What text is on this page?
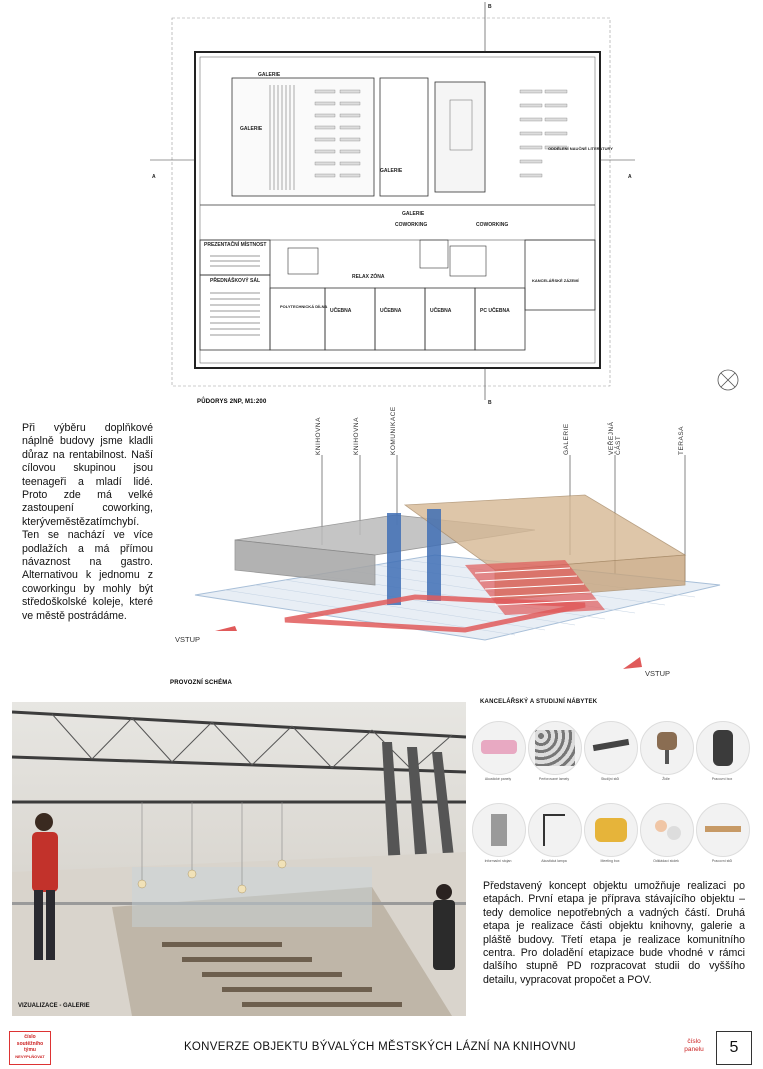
A	A
B
B
GALERIE
GALERIE
GALERIE
GALERIE
ODDĚLENÍ NAUČNÉ LITERATURY
COWORKING	COWORKING
PREZENTAČNÍ MÍSTNOST
PŘEDNÁŠKOVÝ SÁL
RELAX ZÓNA
KANCELÁŘSKÉ ZÁZEMÍ
POLYTECHNICKÁ DÍLNA
UČEBNA	UČEBNA	UČEBNA	PC UČEBNA
PŮDORYS 2NP, M1:200
Při výběru doplňkové náplně budovy jsme kladli důraz na rentabilnost. Naší cílovou skupinou jsou teenageři a mladí lidé. Proto zde má velké zastoupení coworking, kterýveměstězatímchybí. Ten se nachází ve více podlažích a má přímou návaznost na gastro. Alternativou k jednomu z coworkingu by mohly být středoškolské koleje, které ve městě postrádáme.
VSTUP
VSTUP
PROVOZNÍ SCHÉMA
KNIHOVNA	KNIHOVNA	KOMUNIKACE	GALERIE	VEŘEJNÁ ČÁST	TERASA
VIZUALIZACE - GALERIE
KANCELÁŘSKÝ A STUDIJNÍ NÁBYTEK
Akustické panely	Perforované lamely	Studijní stůl	Židle	Pracovní box
Informační stojan	Akustická lampa	Meeting box	Odkládací stolek	Pracovní stůl
Představený koncept objektu umožňuje realizaci po etapách. První etapa je příprava stávajícího objektu – tedy demolice nepotřebných a vadných částí. Druhá etapa je realizace části objektu knihovny, galerie a pláště budovy. Třetí etapa je realizace komunitního centra. Pro doladění etapizace bude vhodné v rámci dalšího stupně PD rozpracovat studii do vyššího detailu, vypracovat propočet a POV.
číslo
soutěžního
týmu
NEVYPLŇOVAT
KONVERZE OBJEKTU BÝVALÝCH MĚSTSKÝCH LÁZNÍ NA KNIHOVNU	číslo
panelu	5
